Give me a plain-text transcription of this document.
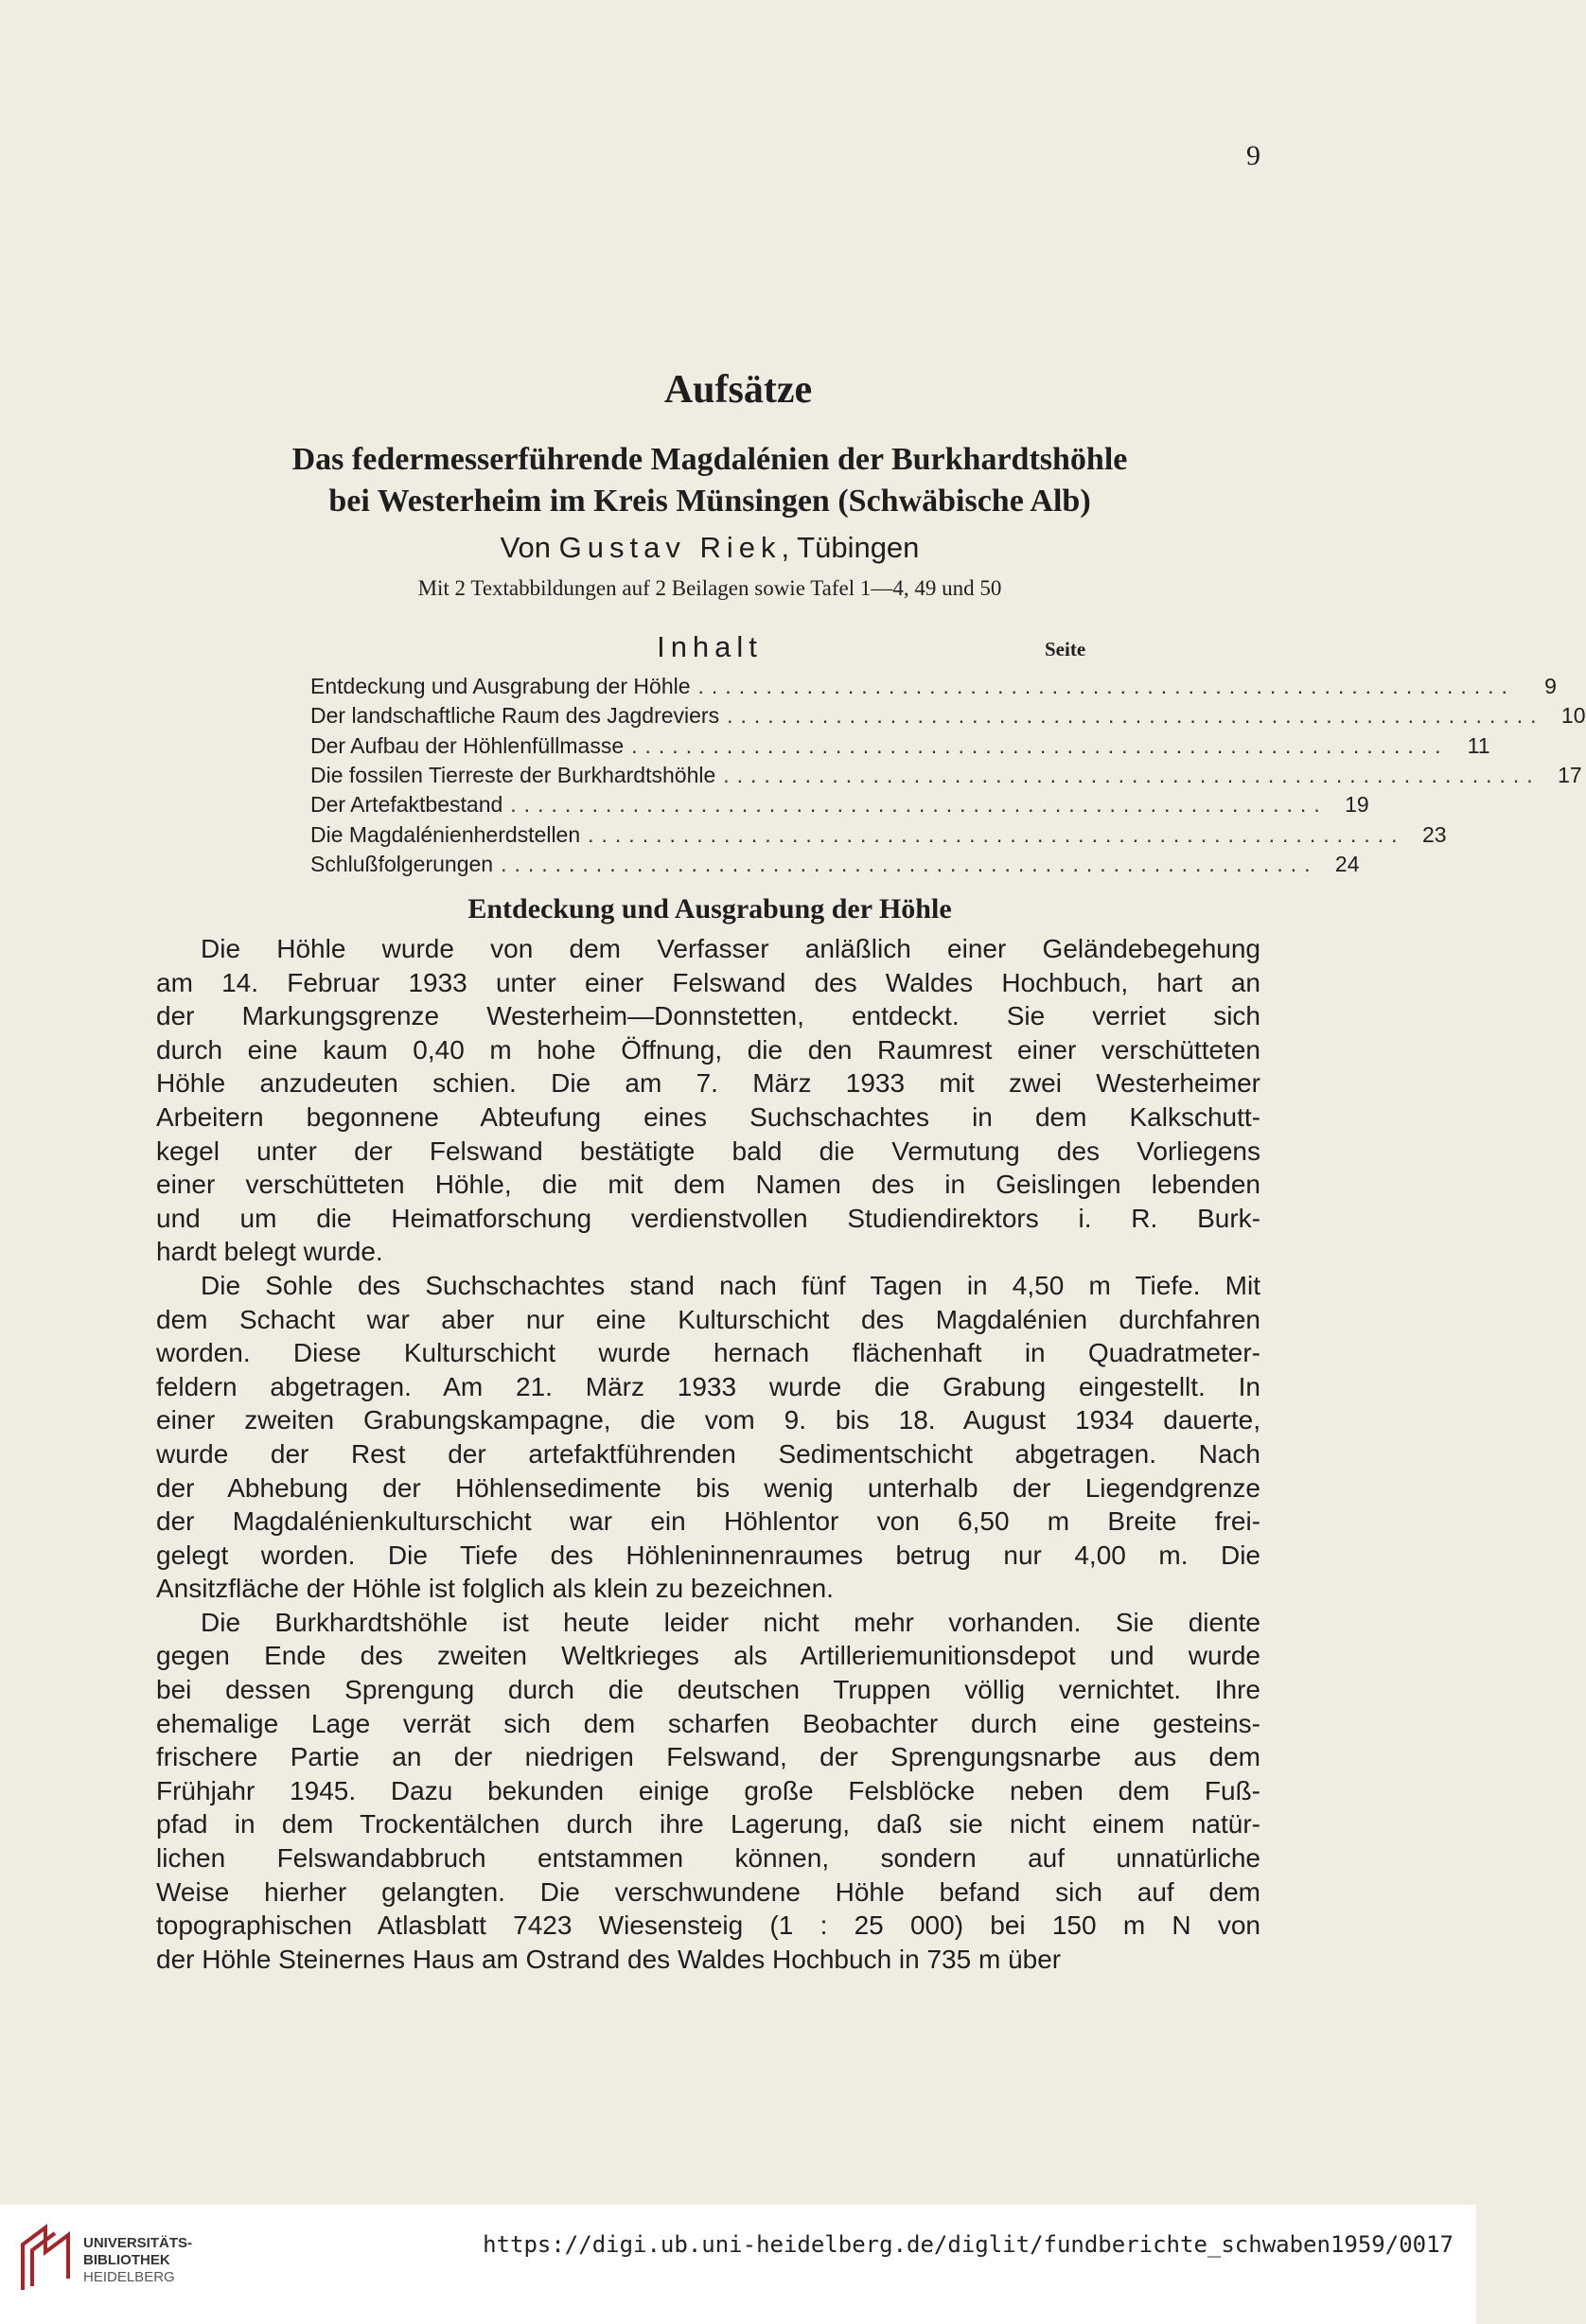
9
Aufsätze
Das federmesserführende Magdalénien der Burkhardtshöhle
bei Westerheim im Kreis Münsingen (Schwäbische Alb)
Von Gustav Riek, Tübingen
Mit 2 Textabbildungen auf 2 Beilagen sowie Tafel 1—4, 49 und 50
Inhalt	Seite
Entdeckung und Ausgrabung der Höhle ............................................................	9
Der landschaftliche Raum des Jagdreviers ............................................................ 10
Der Aufbau der Höhlenfüllmasse ............................................................ 11
Die fossilen Tierreste der Burkhardtshöhle ............................................................ 17
Der Artefaktbestand ............................................................ 19
Die Magdalénienherdstellen ............................................................ 23
Schlußfolgerungen ............................................................ 24
Entdeckung und Ausgrabung der Höhle
Die Höhle wurde von dem Verfasser anläßlich einer Geländebegehung
am 14. Februar 1933 unter einer Felswand des Waldes Hochbuch, hart an
der Markungsgrenze Westerheim—Donnstetten, entdeckt. Sie verriet sich
durch eine kaum 0,40 m hohe Öffnung, die den Raumrest einer verschütteten
Höhle anzudeuten schien. Die am 7. März 1933 mit zwei Westerheimer
Arbeitern begonnene Abteufung eines Suchschachtes in dem Kalkschutt-
kegel unter der Felswand bestätigte bald die Vermutung des Vorliegens
einer verschütteten Höhle, die mit dem Namen des in Geislingen lebenden
und um die Heimatforschung verdienstvollen Studiendirektors i. R. Burk-
hardt belegt wurde.
Die Sohle des Suchschachtes stand nach fünf Tagen in 4,50 m Tiefe. Mit
dem Schacht war aber nur eine Kulturschicht des Magdalénien durchfahren
worden. Diese Kulturschicht wurde hernach flächenhaft in Quadratmeter-
feldern abgetragen. Am 21. März 1933 wurde die Grabung eingestellt. In
einer zweiten Grabungskampagne, die vom 9. bis 18. August 1934 dauerte,
wurde der Rest der artefaktführenden Sedimentschicht abgetragen. Nach
der Abhebung der Höhlensedimente bis wenig unterhalb der Liegendgrenze
der Magdalénienkulturschicht war ein Höhlentor von 6,50 m Breite frei-
gelegt worden. Die Tiefe des Höhleninnenraumes betrug nur 4,00 m. Die
Ansitzfläche der Höhle ist folglich als klein zu bezeichnen.
Die Burkhardtshöhle ist heute leider nicht mehr vorhanden. Sie diente
gegen Ende des zweiten Weltkrieges als Artilleriemunitionsdepot und wurde
bei dessen Sprengung durch die deutschen Truppen völlig vernichtet. Ihre
ehemalige Lage verrät sich dem scharfen Beobachter durch eine gesteins-
frischere Partie an der niedrigen Felswand, der Sprengungsnarbe aus dem
Frühjahr 1945. Dazu bekunden einige große Felsblöcke neben dem Fuß-
pfad in dem Trockentälchen durch ihre Lagerung, daß sie nicht einem natür-
lichen Felswandabbruch entstammen können, sondern auf unnatürliche
Weise hierher gelangten. Die verschwundene Höhle befand sich auf dem
topographischen Atlasblatt 7423 Wiesensteig (1 : 25 000) bei 150 m N von
der Höhle Steinernes Haus am Ostrand des Waldes Hochbuch in 735 m über
UNIVERSITÄTS-
BIBLIOTHEK
HEIDELBERG
https://digi.ub.uni-heidelberg.de/diglit/fundberichte_schwaben1959/0017
